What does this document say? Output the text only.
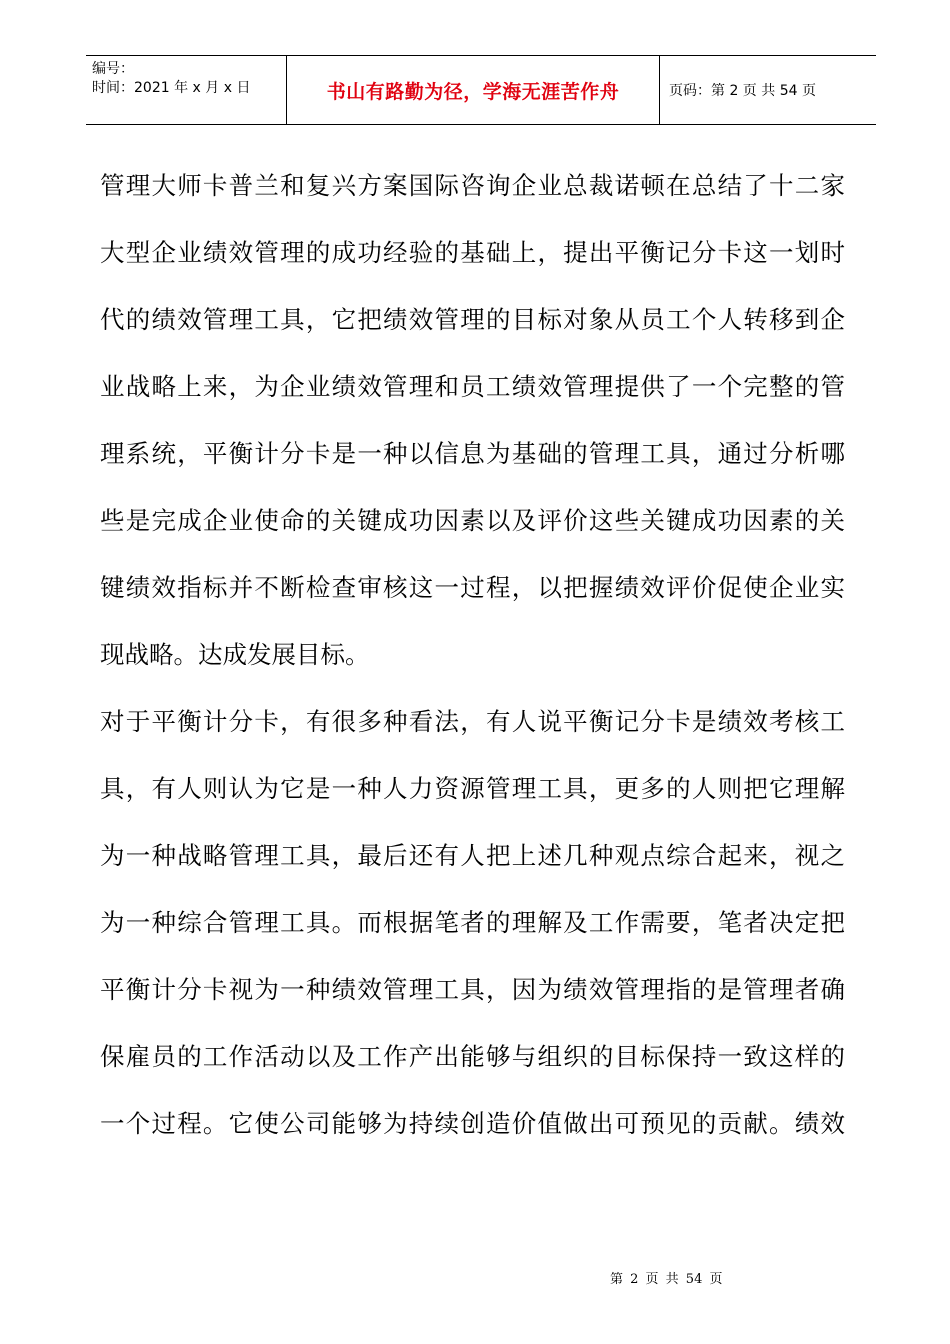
编号：
时间：2021 年 x 月 x 日	书山有路勤为径，学海无涯苦作舟	页码：第 2 页 共 54 页
管理大师卡普兰和复兴方案国际咨询企业总裁诺顿在总结了十二家
大型企业绩效管理的成功经验的基础上，提出平衡记分卡这一划时
代的绩效管理工具，它把绩效管理的目标对象从员工个人转移到企
业战略上来，为企业绩效管理和员工绩效管理提供了一个完整的管
理系统，平衡计分卡是一种以信息为基础的管理工具，通过分析哪
些是完成企业使命的关键成功因素以及评价这些关键成功因素的关
键绩效指标并不断检查审核这一过程，以把握绩效评价促使企业实
现战略。达成发展目标。
对于平衡计分卡，有很多种看法，有人说平衡记分卡是绩效考核工
具，有人则认为它是一种人力资源管理工具，更多的人则把它理解
为一种战略管理工具，最后还有人把上述几种观点综合起来，视之
为一种综合管理工具。而根据笔者的理解及工作需要，笔者决定把
平衡计分卡视为一种绩效管理工具，因为绩效管理指的是管理者确
保雇员的工作活动以及工作产出能够与组织的目标保持一致这样的
一个过程。它使公司能够为持续创造价值做出可预见的贡献。绩效
第 2 页 共 54 页
